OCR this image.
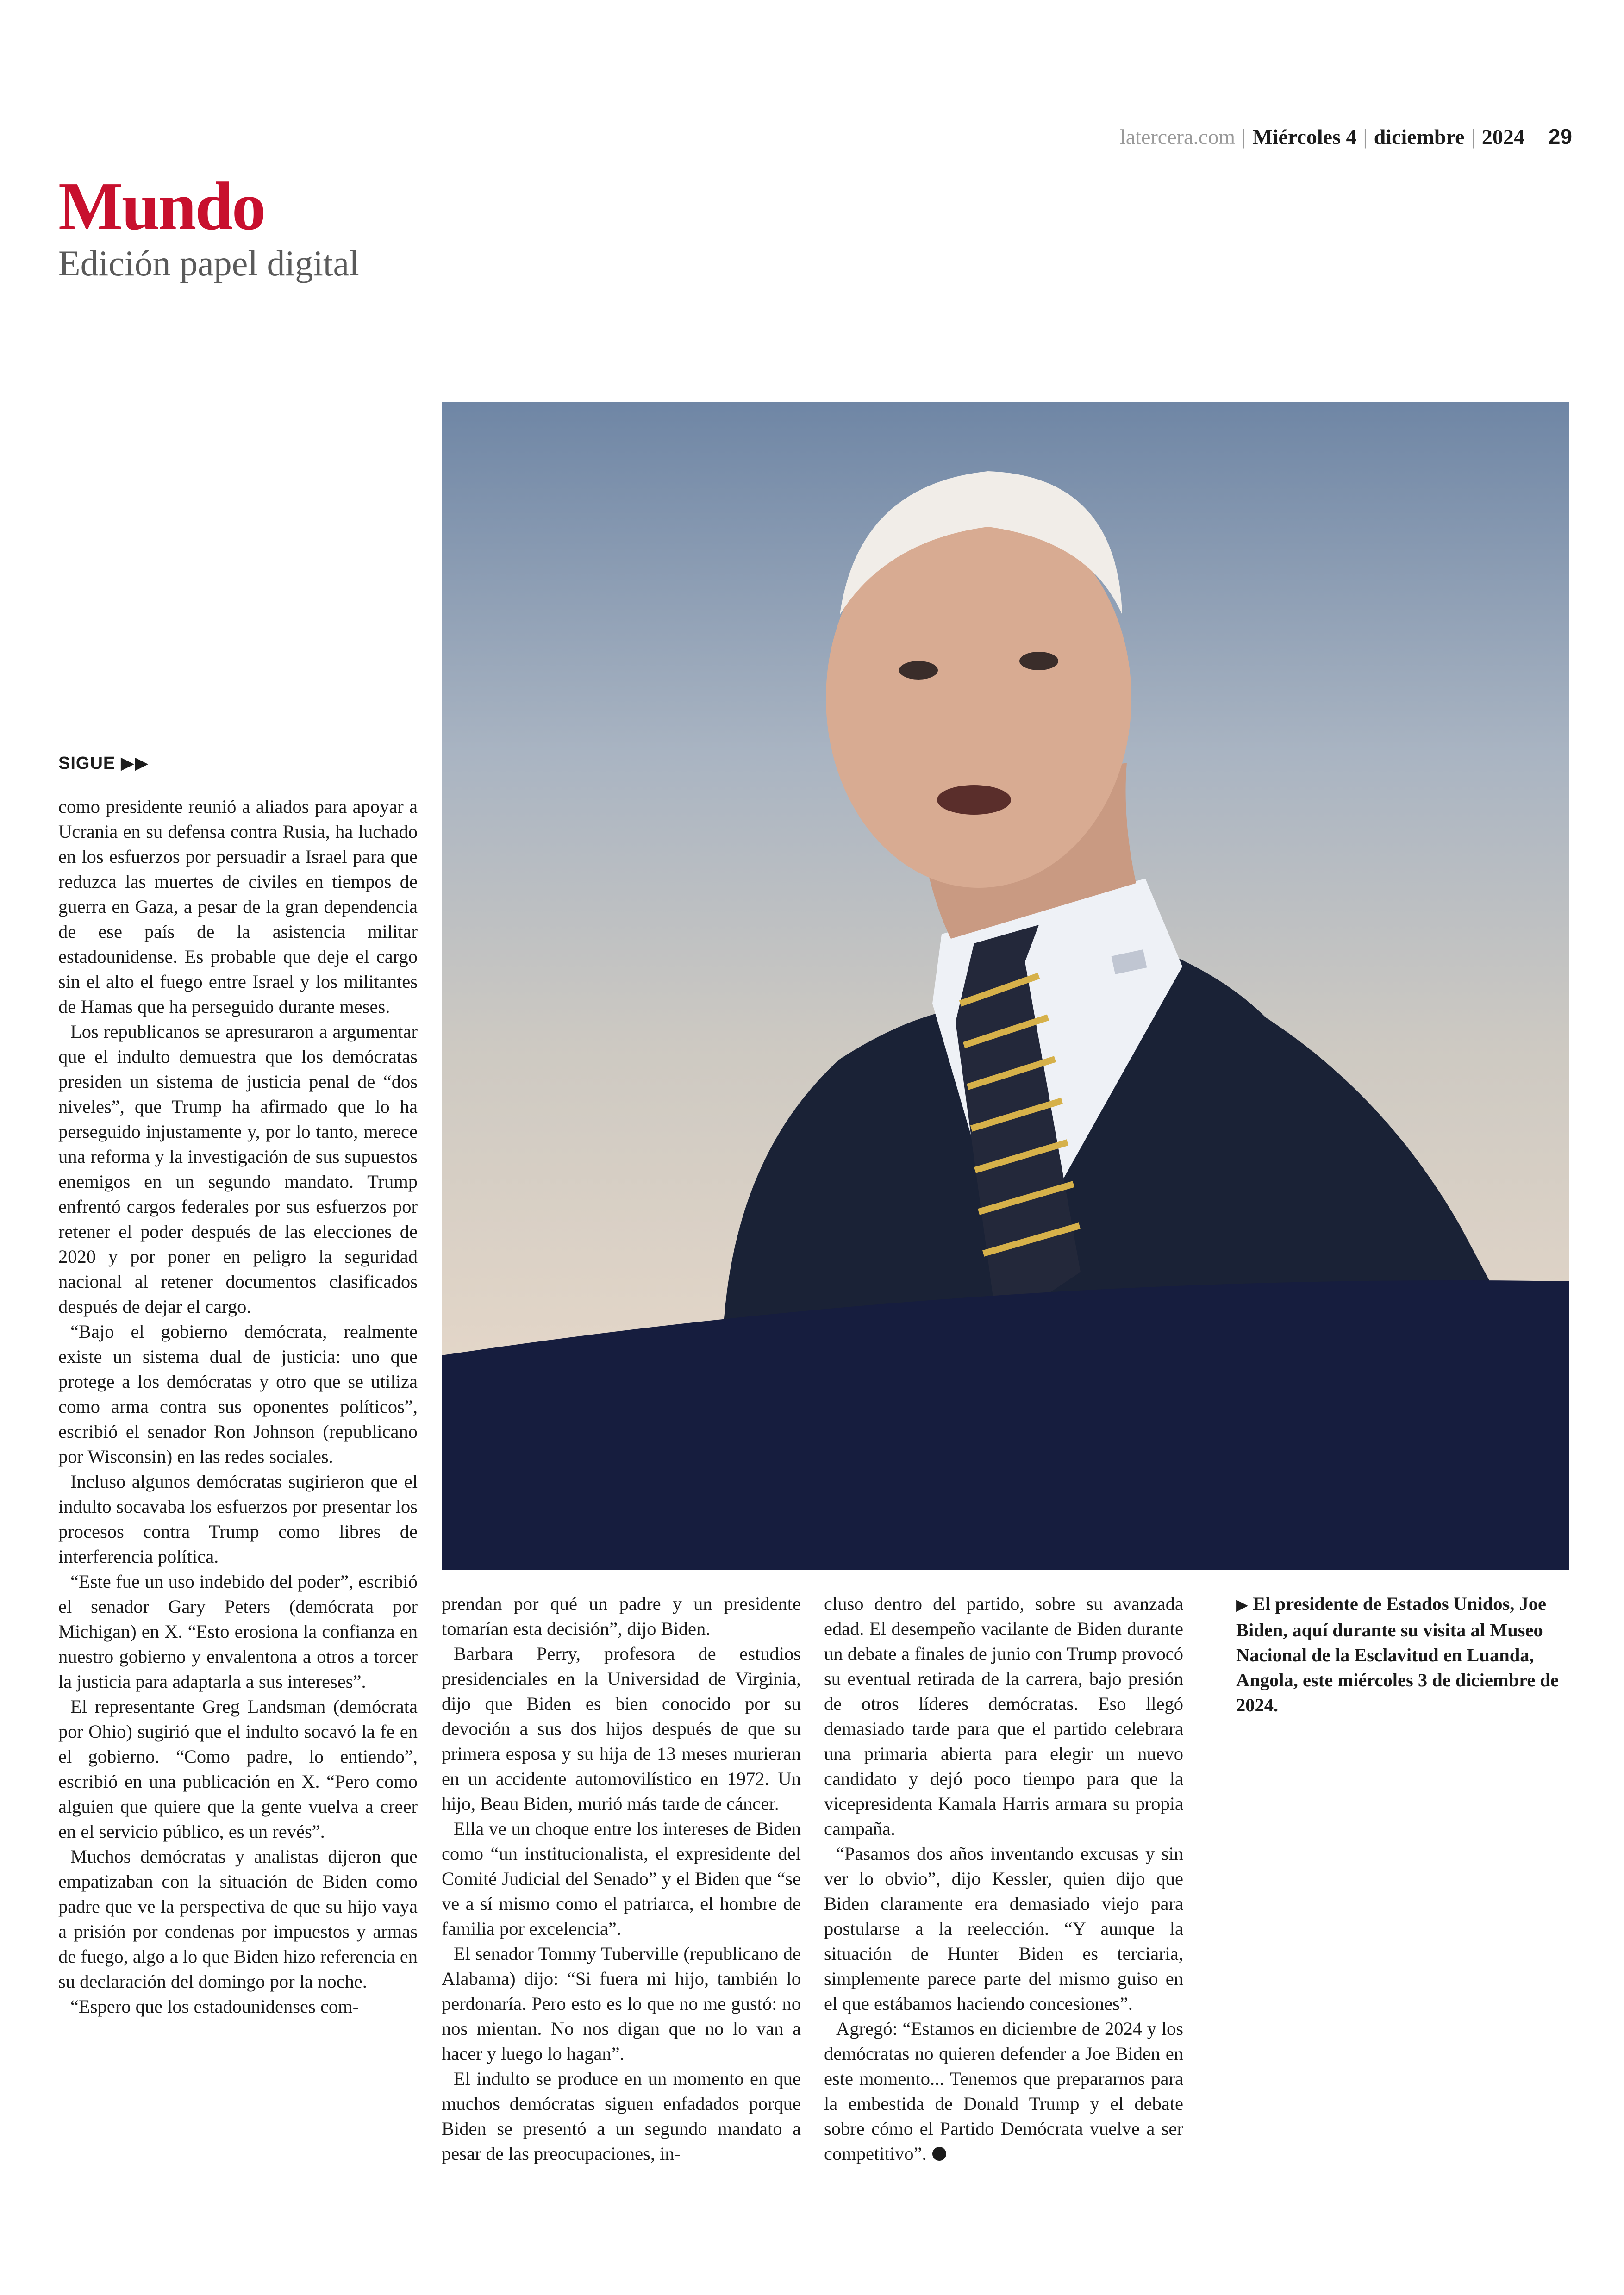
latercera.com | Miércoles 4 | diciembre | 2024 29
Mundo
Edición papel digital
SIGUE ▶▶

como presidente reunió a aliados para apoyar a Ucrania en su defensa contra Rusia, ha luchado en los esfuerzos por persuadir a Israel para que reduzca las muertes de civiles en tiempos de guerra en Gaza, a pesar de la gran dependencia de ese país de la asistencia militar estadounidense. Es probable que deje el cargo sin el alto el fuego entre Israel y los militantes de Hamas que ha perseguido durante meses.

Los republicanos se apresuraron a argumentar que el indulto demuestra que los demócratas presiden un sistema de justicia penal de “dos niveles”, que Trump ha afirmado que lo ha perseguido injustamente y, por lo tanto, merece una reforma y la investigación de sus supuestos enemigos en un segundo mandato. Trump enfrentó cargos federales por sus esfuerzos por retener el poder después de las elecciones de 2020 y por poner en peligro la seguridad nacional al retener documentos clasificados después de dejar el cargo.

“Bajo el gobierno demócrata, realmente existe un sistema dual de justicia: uno que protege a los demócratas y otro que se utiliza como arma contra sus oponentes políticos”, escribió el senador Ron Johnson (republicano por Wisconsin) en las redes sociales.

Incluso algunos demócratas sugirieron que el indulto socavaba los esfuerzos por presentar los procesos contra Trump como libres de interferencia política.

“Este fue un uso indebido del poder”, escribió el senador Gary Peters (demócrata por Michigan) en X. “Esto erosiona la confianza en nuestro gobierno y envalentona a otros a torcer la justicia para adaptarla a sus intereses”.

El representante Greg Landsman (demócrata por Ohio) sugirió que el indulto socavó la fe en el gobierno. “Como padre, lo entiendo”, escribió en una publicación en X. “Pero como alguien que quiere que la gente vuelva a creer en el servicio público, es un revés”.

Muchos demócratas y analistas dijeron que empatizaban con la situación de Biden como padre que ve la perspectiva de que su hijo vaya a prisión por condenas por impuestos y armas de fuego, algo a lo que Biden hizo referencia en su declaración del domingo por la noche.

“Espero que los estadounidenses com-

prendan por qué un padre y un presidente tomarían esta decisión”, dijo Biden.

Barbara Perry, profesora de estudios presidenciales en la Universidad de Virginia, dijo que Biden es bien conocido por su devoción a sus dos hijos después de que su primera esposa y su hija de 13 meses murieran en un accidente automovilístico en 1972. Un hijo, Beau Biden, murió más tarde de cáncer.

Ella ve un choque entre los intereses de Biden como “un institucionalista, el expresidente del Comité Judicial del Senado” y el Biden que “se ve a sí mismo como el patriarca, el hombre de familia por excelencia”.

El senador Tommy Tuberville (republicano de Alabama) dijo: “Si fuera mi hijo, también lo perdonaría. Pero esto es lo que no me gustó: no nos mientan. No nos digan que no lo van a hacer y luego lo hagan”.

El indulto se produce en un momento en que muchos demócratas siguen enfadados porque Biden se presentó a un segundo mandato a pesar de las preocupaciones, in-

cluso dentro del partido, sobre su avanzada edad. El desempeño vacilante de Biden durante un debate a finales de junio con Trump provocó su eventual retirada de la carrera, bajo presión de otros líderes demócratas. Eso llegó demasiado tarde para que el partido celebrara una primaria abierta para elegir un nuevo candidato y dejó poco tiempo para que la vicepresidenta Kamala Harris armara su propia campaña.

“Pasamos dos años inventando excusas y sin ver lo obvio”, dijo Kessler, quien dijo que Biden claramente era demasiado viejo para postularse a la reelección. “Y aunque la situación de Hunter Biden es terciaria, simplemente parece parte del mismo guiso en el que estábamos haciendo concesiones”.

Agregó: “Estamos en diciembre de 2024 y los demócratas no quieren defender a Joe Biden en este momento... Tenemos que prepararnos para la embestida de Donald Trump y el debate sobre cómo el Partido Demócrata vuelve a ser competitivo”.

▶ El presidente de Estados Unidos, Joe Biden, aquí durante su visita al Museo Nacional de la Esclavitud en Luanda, Angola, este miércoles 3 de diciembre de 2024.
